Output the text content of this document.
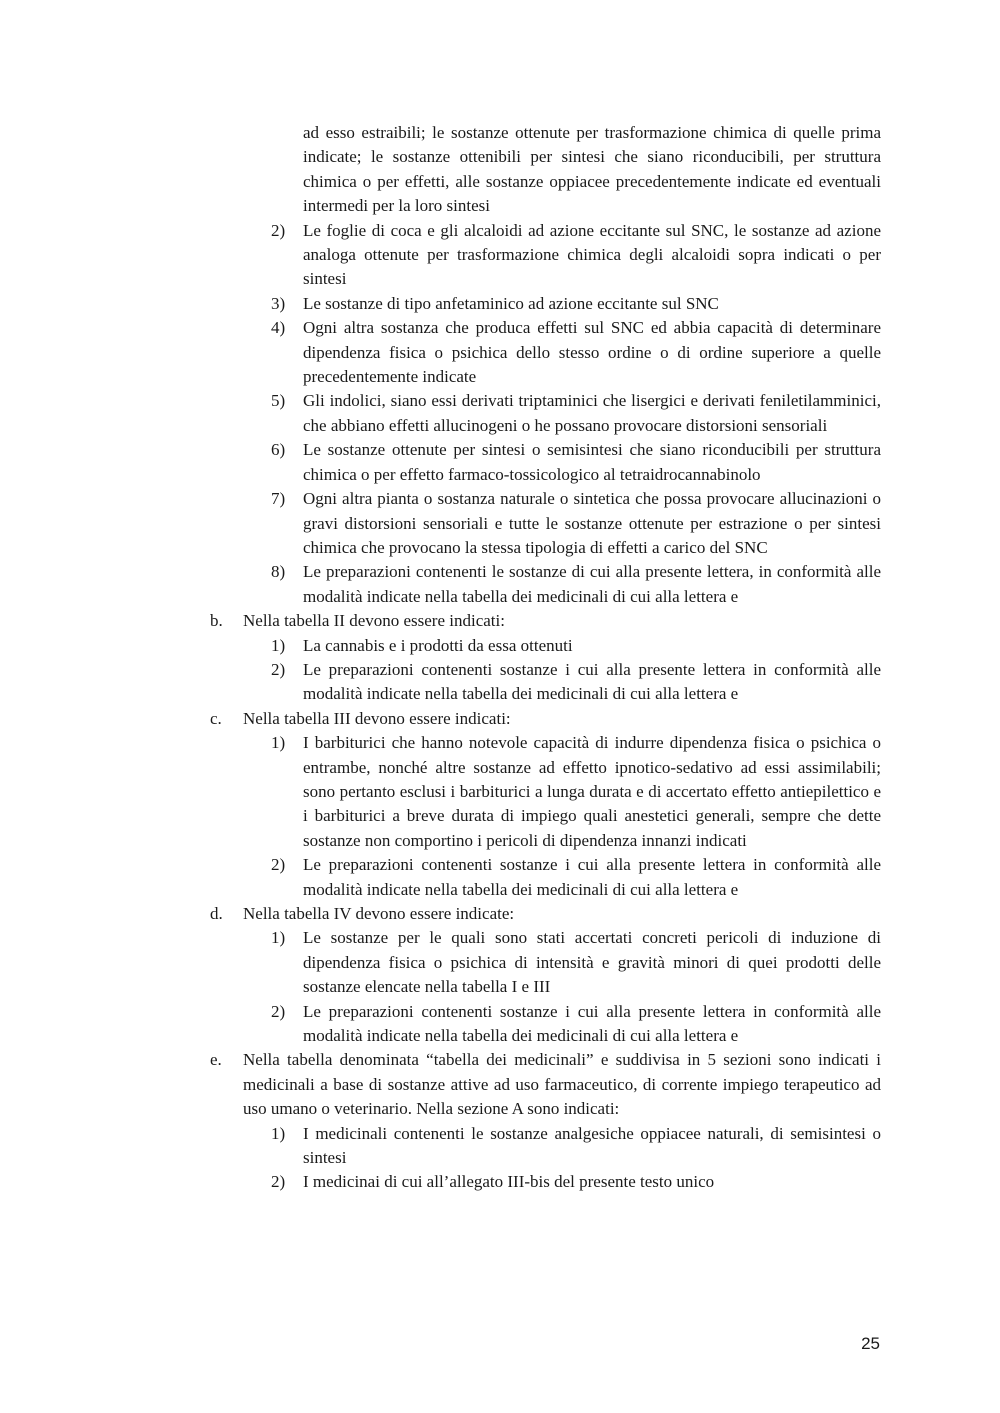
ad esso estraibili; le sostanze ottenute per trasformazione chimica di quelle prima indicate; le sostanze ottenibili per sintesi che siano riconducibili, per struttura chimica o per effetti, alle sostanze oppiacee precedentemente indicate ed eventuali intermedi per la loro sintesi
2)	Le foglie di coca e gli alcaloidi ad azione eccitante sul SNC, le sostanze ad azione analoga ottenute per trasformazione chimica degli alcaloidi sopra indicati o per sintesi
3)	Le sostanze di tipo anfetaminico ad azione eccitante sul SNC
4)	Ogni altra sostanza che produca effetti sul SNC ed abbia capacità di determinare dipendenza fisica o psichica dello stesso ordine o di ordine superiore a quelle precedentemente indicate
5)	Gli indolici, siano essi derivati triptaminici che lisergici e derivati feniletilamminici, che abbiano effetti allucinogeni o he possano provocare distorsioni sensoriali
6)	Le sostanze ottenute per sintesi o semisintesi che siano riconducibili per struttura chimica o per effetto farmaco-tossicologico al tetraidrocannabinolo
7)	Ogni altra pianta o sostanza naturale o sintetica che possa provocare allucinazioni o gravi distorsioni sensoriali e tutte le sostanze ottenute per estrazione o per sintesi chimica che provocano la stessa tipologia di effetti a carico del SNC
8)	Le preparazioni contenenti le sostanze di cui alla presente lettera, in conformità alle modalità indicate nella tabella dei medicinali di cui alla lettera e
b.	Nella tabella II devono essere indicati:
1)	La cannabis e i prodotti da essa ottenuti
2)	Le preparazioni contenenti sostanze i cui alla presente lettera in conformità alle modalità indicate nella tabella dei medicinali di cui alla lettera e
c.	Nella tabella III devono essere indicati:
1)	I barbiturici che hanno notevole capacità di indurre dipendenza fisica o psichica o entrambe, nonché altre sostanze ad effetto ipnotico-sedativo ad essi assimilabili; sono pertanto esclusi i barbiturici a lunga durata e di accertato effetto antiepilettico e i barbiturici a breve durata di impiego quali anestetici generali, sempre che dette sostanze non comportino i pericoli di dipendenza innanzi indicati
2)	Le preparazioni contenenti sostanze i cui alla presente lettera in conformità alle modalità indicate nella tabella dei medicinali di cui alla lettera e
d.	Nella tabella IV devono essere indicate:
1)	Le sostanze per le quali sono stati accertati concreti pericoli di induzione di dipendenza fisica o psichica di intensità e gravità minori di quei prodotti delle sostanze elencate nella tabella I e III
2)	Le preparazioni contenenti sostanze i cui alla presente lettera in conformità alle modalità indicate nella tabella dei medicinali di cui alla lettera e
e.	Nella tabella denominata “tabella dei medicinali” e suddivisa in 5 sezioni sono indicati i medicinali a base di sostanze attive ad uso farmaceutico, di corrente impiego terapeutico ad uso umano o veterinario. Nella sezione A sono indicati:
1)	I medicinali contenenti le sostanze analgesiche oppiacee naturali, di semisintesi o sintesi
2)	I medicinai di cui all’allegato III-bis del presente testo unico
25
